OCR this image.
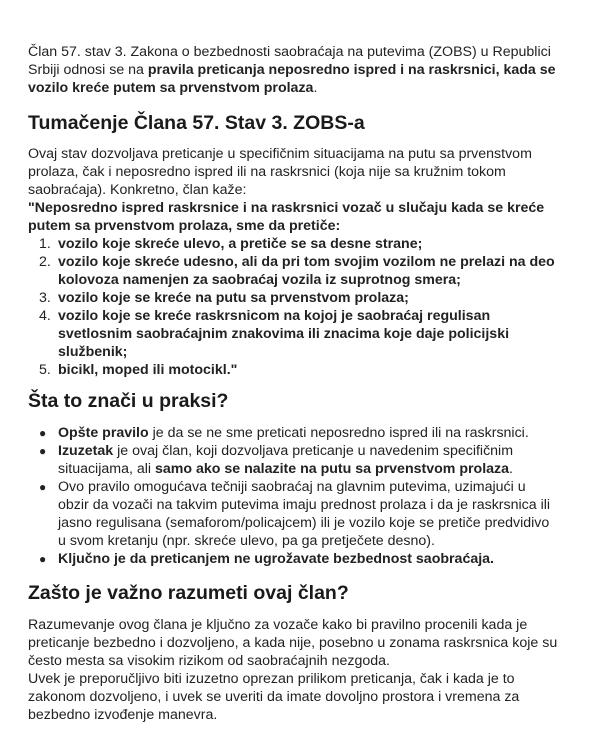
Član 57. stav 3. Zakona o bezbednosti saobraćaja na putevima (ZOBS) u Republici Srbiji odnosi se na pravila preticanja neposredno ispred i na raskrsnici, kada se vozilo kreće putem sa prvenstvom prolaza.

Tumačenje Člana 57. Stav 3. ZOBS-a

Ovaj stav dozvoljava preticanje u specifičnim situacijama na putu sa prvenstvom prolaza, čak i neposredno ispred ili na raskrsnici (koja nije sa kružnim tokom saobraćaja). Konkretno, član kaže:

"Neposredno ispred raskrsnice i na raskrsnici vozač u slučaju kada se kreće putem sa prvenstvom prolaza, sme da pretiče:

1. vozilo koje skreće ulevo, a pretiče se sa desne strane;
2. vozilo koje skreće udesno, ali da pri tom svojim vozilom ne prelazi na deo kolovoza namenjen za saobraćaj vozila iz suprotnog smera;
3. vozilo koje se kreće na putu sa prvenstvom prolaza;
4. vozilo koje se kreće raskrsnicom na kojoj je saobraćaj regulisan svetlosnim saobraćajnim znakovima ili znacima koje daje policijski službenik;
5. bicikl, moped ili motocikl."
Šta to znači u praksi?
● Opšte pravilo je da se ne sme preticati neposredno ispred ili na raskrsnici.
● Izuzetak je ovaj član, koji dozvoljava preticanje u navedenim specifičnim situacijama, ali samo ako se nalazite na putu sa prvenstvom prolaza.
● Ovo pravilo omogućava tečniji saobraćaj na glavnim putevima, uzimajući u obzir da vozači na takvim putevima imaju prednost prolaza i da je raskrsnica ili jasno regulisana (semaforom/policajcem) ili je vozilo koje se pretiče predvidivo u svom kretanju (npr. skreće ulevo, pa ga pretječete desno).
● Ključno je da preticanjem ne ugrožavate bezbednost saobraćaja.
Zašto je važno razumeti ovaj član?

Razumevanje ovog člana je ključno za vozače kako bi pravilno procenili kada je preticanje bezbedno i dozvoljeno, a kada nije, posebno u zonama raskrsnica koje su često mesta sa visokim rizikom od saobraćajnih nezgoda.

Uvek je preporučljivo biti izuzetno oprezan prilikom preticanja, čak i kada je to zakonom dozvoljeno, i uvek se uveriti da imate dovoljno prostora i vremena za bezbedno izvođenje manevra.
